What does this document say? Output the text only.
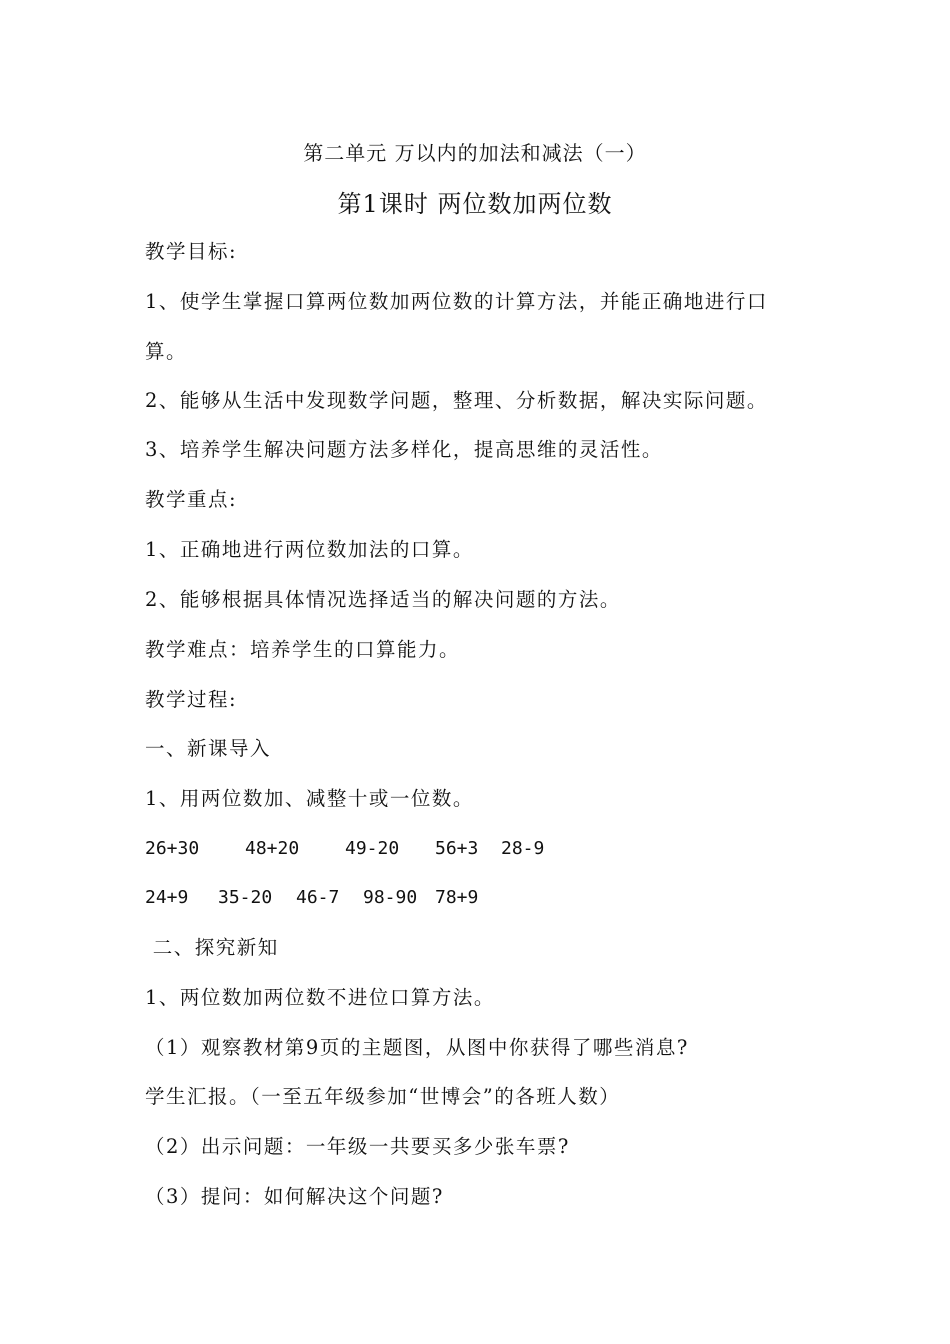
第二单元 万以内的加法和减法（一）
第1课时 两位数加两位数
教学目标:
1、使学生掌握口算两位数加两位数的计算方法，并能正确地进行口
算。
2、能够从生活中发现数学问题，整理、分析数据，解决实际问题。
3、培养学生解决问题方法多样化，提高思维的灵活性。
教学重点:
1、正确地进行两位数加法的口算。
2、能够根据具体情况选择适当的解决问题的方法。
教学难点：培养学生的口算能力。
教学过程:
一、新课导入
1、用两位数加、减整十或一位数。
26+30	48+20	49-20 56+3 28-9
24+9 35-20 46-7 98-90 78+9
二、探究新知
1、两位数加两位数不进位口算方法。
（1）观察教材第9页的主题图，从图中你获得了哪些消息?
学生汇报。（一至五年级参加“世博会”的各班人数）
（2）出示问题：一年级一共要买多少张车票?
（3）提问：如何解决这个问题?
